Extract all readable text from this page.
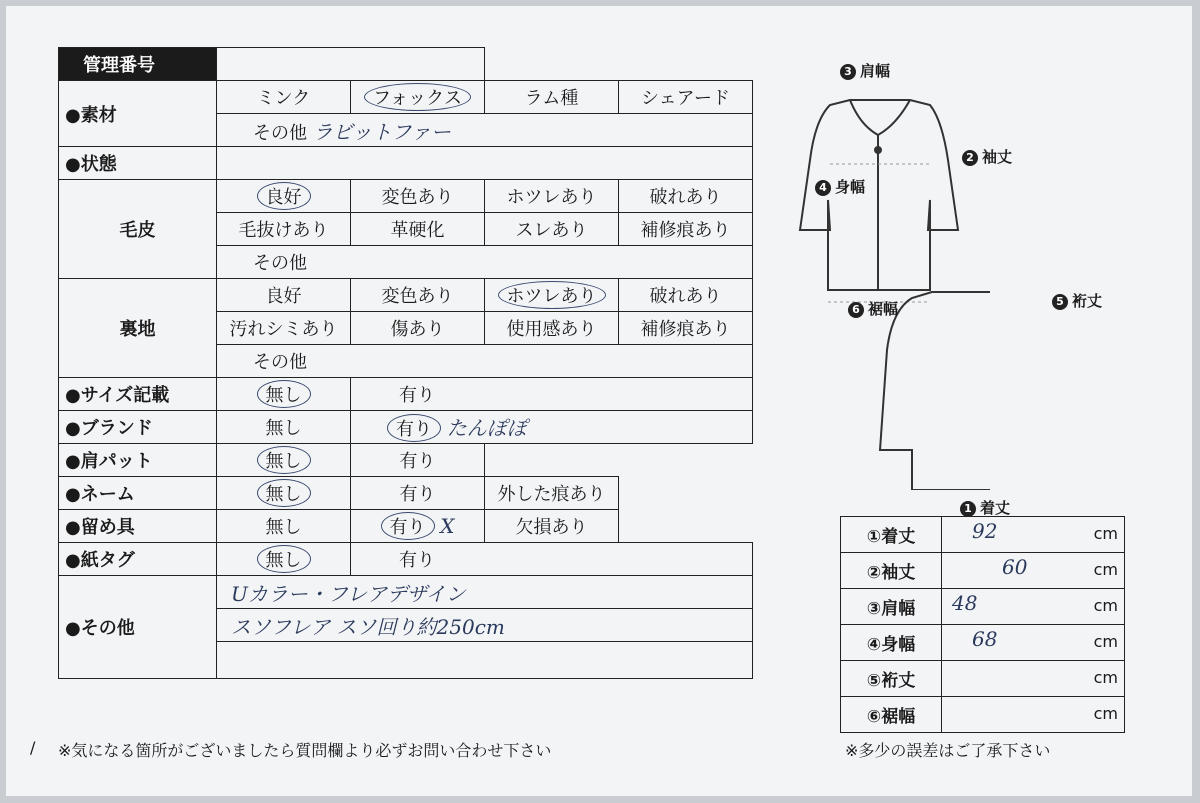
管理番号				
●素材	ミンク	フォックス	ラム種	シェアード
	その他 ラビットファー			
●状態				
毛皮	良好	変色あり	ホツレあり	破れあり
	毛抜けあり	革硬化	スレあり	補修痕あり
	その他			
裏地	良好	変色あり	ホツレあり	破れあり
	汚れシミあり	傷あり	使用感あり	補修痕あり
	その他			
●サイズ記載	無し	有り		
●ブランド	無し	有り たんぽぽ		
●肩パット	無し	有り		
●ネーム	無し	有り	外した痕あり	
●留め具	無し	有り X	欠損あり	
●紙タグ	無し	有り		
●その他	Uカラー・フレアデザイン			
	スソフレア スソ回り約250cm			

/ ※気になる箇所がございましたら質問欄より必ずお問い合わせ下さい
3 肩幅
2 袖丈
4 身幅
6 裾幅	5 裄丈
1 着丈
①着丈	92 cm

②袖丈	60 cm

③肩幅	48 cm

④身幅	68 cm

⑤裄丈	cm

⑥裾幅	cm
※多少の誤差はご了承下さい
